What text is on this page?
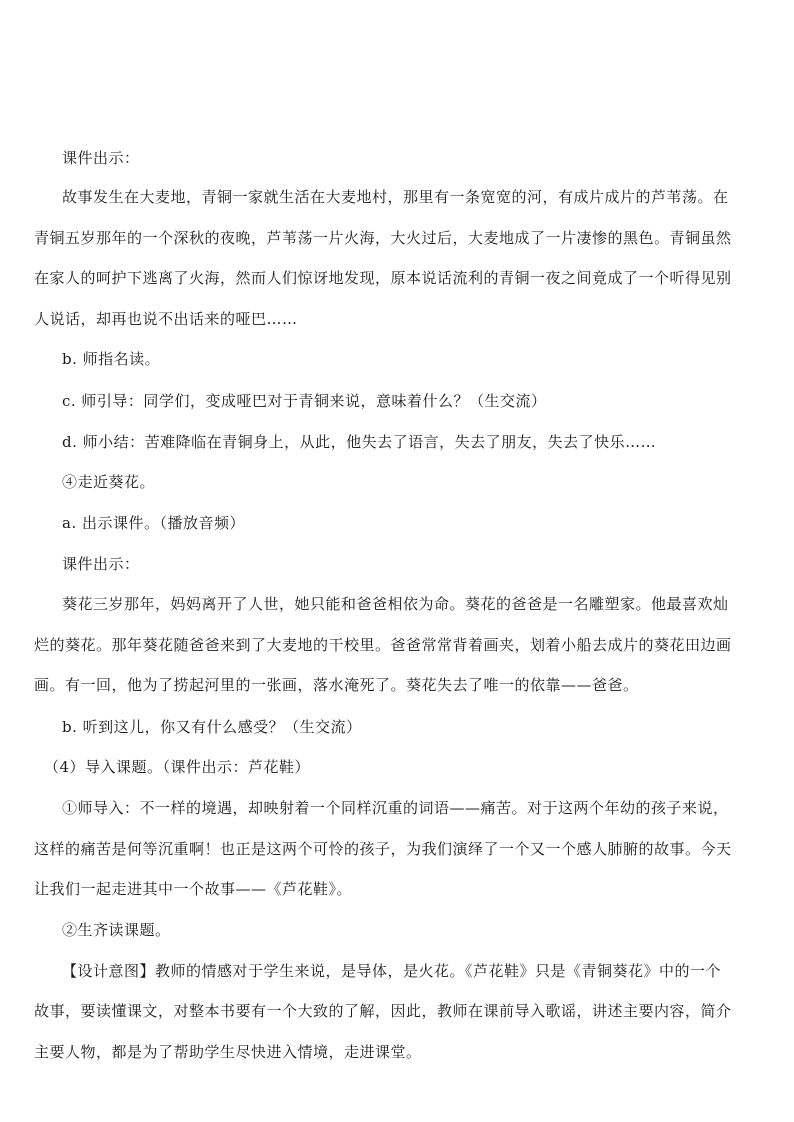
课件出示：
故事发生在大麦地，青铜一家就生活在大麦地村，那里有一条宽宽的河，有成片成片的芦苇荡。在
青铜五岁那年的一个深秋的夜晚，芦苇荡一片火海，大火过后，大麦地成了一片凄惨的黑色。青铜虽然
在家人的呵护下逃离了火海，然而人们惊讶地发现，原本说话流利的青铜一夜之间竟成了一个听得见别
人说话，却再也说不出话来的哑巴……
b. 师指名读。
c. 师引导：同学们，变成哑巴对于青铜来说，意味着什么？（生交流）
d. 师小结：苦难降临在青铜身上，从此，他失去了语言，失去了朋友，失去了快乐……
④走近葵花。
a. 出示课件。（播放音频）
课件出示：
葵花三岁那年，妈妈离开了人世，她只能和爸爸相依为命。葵花的爸爸是一名雕塑家。他最喜欢灿
烂的葵花。那年葵花随爸爸来到了大麦地的干校里。爸爸常常背着画夹，划着小船去成片的葵花田边画
画。有一回，他为了捞起河里的一张画，落水淹死了。葵花失去了唯一的依靠——爸爸。
b. 听到这儿，你又有什么感受？（生交流）
（4）导入课题。（课件出示：芦花鞋）
①师导入：不一样的境遇，却映射着一个同样沉重的词语——痛苦。对于这两个年幼的孩子来说，
这样的痛苦是何等沉重啊！也正是这两个可怜的孩子，为我们演绎了一个又一个感人肺腑的故事。今天
让我们一起走进其中一个故事——《芦花鞋》。
②生齐读课题。
【设计意图】教师的情感对于学生来说，是导体，是火花。《芦花鞋》只是《青铜葵花》中的一个
故事，要读懂课文，对整本书要有一个大致的了解，因此，教师在课前导入歌谣，讲述主要内容，简介
主要人物，都是为了帮助学生尽快进入情境，走进课堂。
